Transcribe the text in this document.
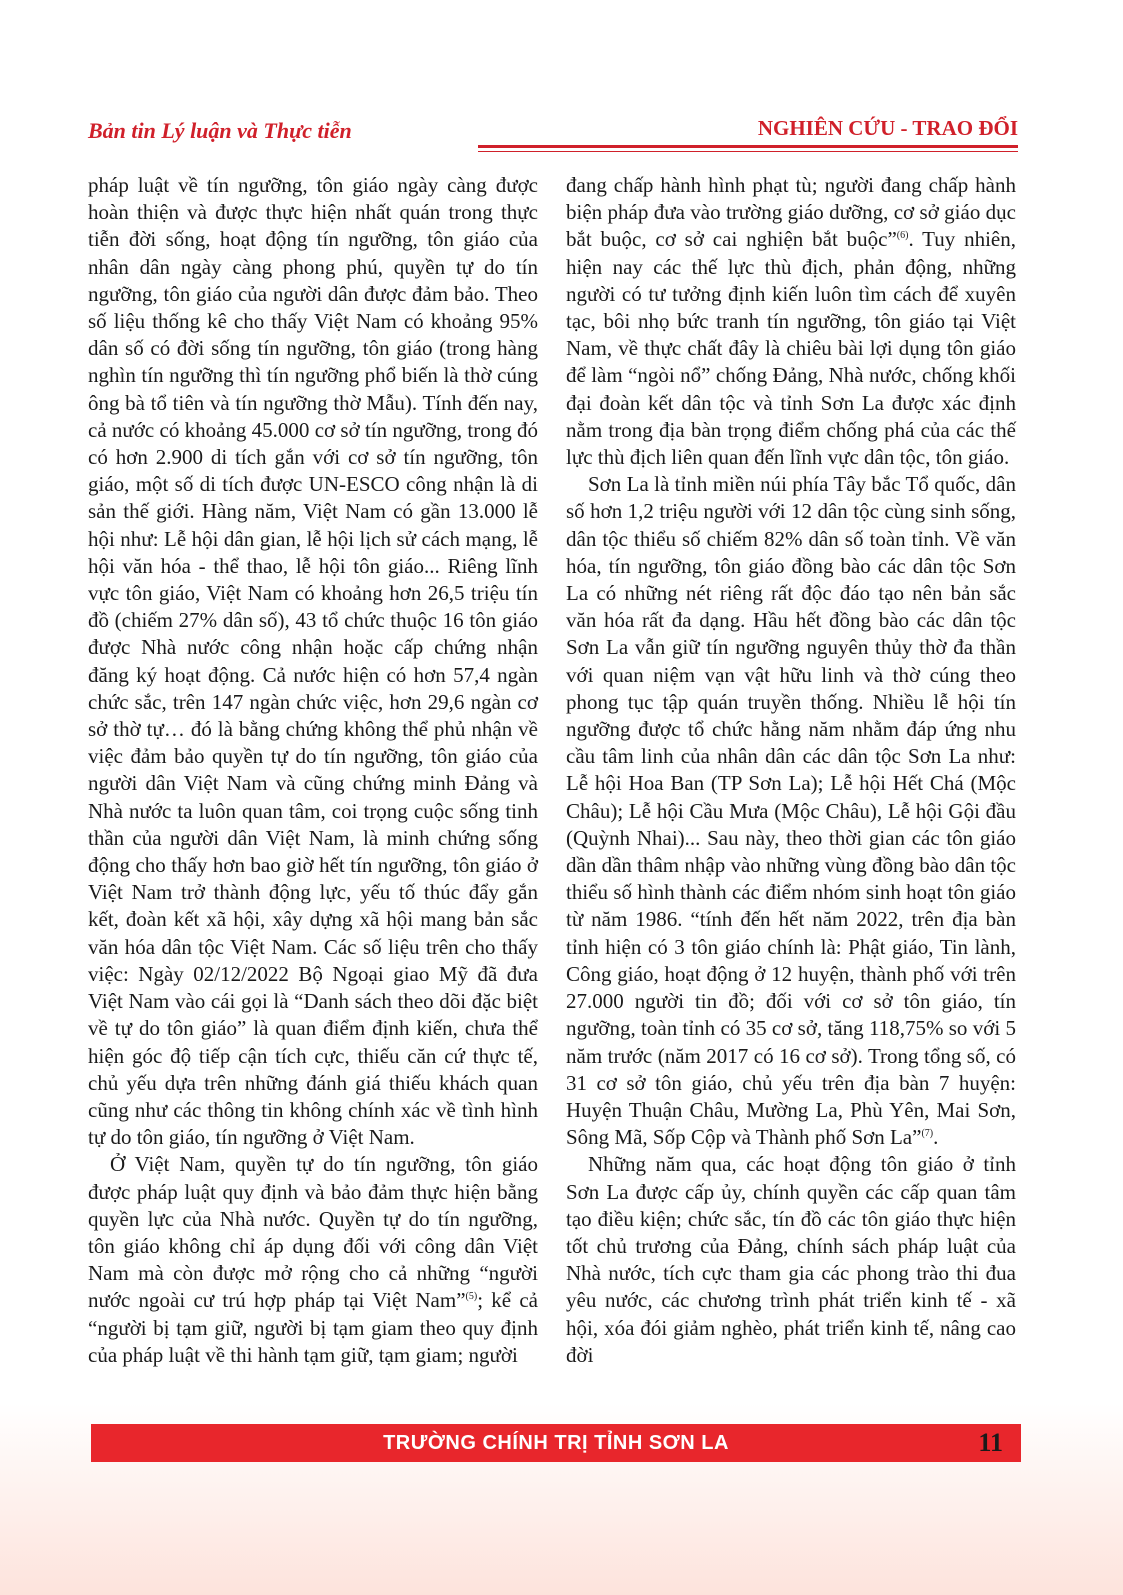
Bản tin Lý luận và Thực tiễn	NGHIÊN CỨU - TRAO ĐỔI

pháp luật về tín ngưỡng, tôn giáo ngày càng được hoàn thiện và được thực hiện nhất quán trong thực tiễn đời sống, hoạt động tín ngưỡng, tôn giáo của nhân dân ngày càng phong phú, quyền tự do tín ngưỡng, tôn giáo của người dân được đảm bảo. Theo số liệu thống kê cho thấy Việt Nam có khoảng 95% dân số có đời sống tín ngưỡng, tôn giáo (trong hàng nghìn tín ngưỡng thì tín ngưỡng phổ biến là thờ cúng ông bà tổ tiên và tín ngưỡng thờ Mẫu). Tính đến nay, cả nước có khoảng 45.000 cơ sở tín ngưỡng, trong đó có hơn 2.900 di tích gắn với cơ sở tín ngưỡng, tôn giáo, một số di tích được UN-ESCO công nhận là di sản thế giới. Hàng năm, Việt Nam có gần 13.000 lễ hội như: Lễ hội dân gian, lễ hội lịch sử cách mạng, lễ hội văn hóa - thể thao, lễ hội tôn giáo... Riêng lĩnh vực tôn giáo, Việt Nam có khoảng hơn 26,5 triệu tín đồ (chiếm 27% dân số), 43 tổ chức thuộc 16 tôn giáo được Nhà nước công nhận hoặc cấp chứng nhận đăng ký hoạt động. Cả nước hiện có hơn 57,4 ngàn chức sắc, trên 147 ngàn chức việc, hơn 29,6 ngàn cơ sở thờ tự… đó là bằng chứng không thể phủ nhận về việc đảm bảo quyền tự do tín ngưỡng, tôn giáo của người dân Việt Nam và cũng chứng minh Đảng và Nhà nước ta luôn quan tâm, coi trọng cuộc sống tinh thần của người dân Việt Nam, là minh chứng sống động cho thấy hơn bao giờ hết tín ngưỡng, tôn giáo ở Việt Nam trở thành động lực, yếu tố thúc đẩy gắn kết, đoàn kết xã hội, xây dựng xã hội mang bản sắc văn hóa dân tộc Việt Nam. Các số liệu trên cho thấy việc: Ngày 02/12/2022 Bộ Ngoại giao Mỹ đã đưa Việt Nam vào cái gọi là “Danh sách theo dõi đặc biệt về tự do tôn giáo” là quan điểm định kiến, chưa thể hiện góc độ tiếp cận tích cực, thiếu căn cứ thực tế, chủ yếu dựa trên những đánh giá thiếu khách quan cũng như các thông tin không chính xác về tình hình tự do tôn giáo, tín ngưỡng ở Việt Nam.

Ở Việt Nam, quyền tự do tín ngưỡng, tôn giáo được pháp luật quy định và bảo đảm thực hiện bằng quyền lực của Nhà nước. Quyền tự do tín ngưỡng, tôn giáo không chỉ áp dụng đối với công dân Việt Nam mà còn được mở rộng cho cả những “người nước ngoài cư trú hợp pháp tại Việt Nam”$^{(5)}$; kể cả “người bị tạm giữ, người bị tạm giam theo quy định của pháp luật về thi hành tạm giữ, tạm giam; người

đang chấp hành hình phạt tù; người đang chấp hành biện pháp đưa vào trường giáo dưỡng, cơ sở giáo dục bắt buộc, cơ sở cai nghiện bắt buộc”$^{(6)}$. Tuy nhiên, hiện nay các thế lực thù địch, phản động, những người có tư tưởng định kiến luôn tìm cách để xuyên tạc, bôi nhọ bức tranh tín ngưỡng, tôn giáo tại Việt Nam, về thực chất đây là chiêu bài lợi dụng tôn giáo để làm “ngòi nổ” chống Đảng, Nhà nước, chống khối đại đoàn kết dân tộc và tỉnh Sơn La được xác định nằm trong địa bàn trọng điểm chống phá của các thế lực thù địch liên quan đến lĩnh vực dân tộc, tôn giáo.

Sơn La là tỉnh miền núi phía Tây bắc Tổ quốc, dân số hơn 1,2 triệu người với 12 dân tộc cùng sinh sống, dân tộc thiểu số chiếm 82% dân số toàn tỉnh. Về văn hóa, tín ngưỡng, tôn giáo đồng bào các dân tộc Sơn La có những nét riêng rất độc đáo tạo nên bản sắc văn hóa rất đa dạng. Hầu hết đồng bào các dân tộc Sơn La vẫn giữ tín ngưỡng nguyên thủy thờ đa thần với quan niệm vạn vật hữu linh và thờ cúng theo phong tục tập quán truyền thống. Nhiều lễ hội tín ngưỡng được tổ chức hằng năm nhằm đáp ứng nhu cầu tâm linh của nhân dân các dân tộc Sơn La như: Lễ hội Hoa Ban (TP Sơn La); Lễ hội Hết Chá (Mộc Châu); Lễ hội Cầu Mưa (Mộc Châu), Lễ hội Gội đầu (Quỳnh Nhai)... Sau này, theo thời gian các tôn giáo dần dần thâm nhập vào những vùng đồng bào dân tộc thiểu số hình thành các điểm nhóm sinh hoạt tôn giáo từ năm 1986. “tính đến hết năm 2022, trên địa bàn tỉnh hiện có 3 tôn giáo chính là: Phật giáo, Tin lành, Công giáo, hoạt động ở 12 huyện, thành phố với trên 27.000 người tin đồ; đối với cơ sở tôn giáo, tín ngưỡng, toàn tỉnh có 35 cơ sở, tăng 118,75% so với 5 năm trước (năm 2017 có 16 cơ sở). Trong tổng số, có 31 cơ sở tôn giáo, chủ yếu trên địa bàn 7 huyện: Huyện Thuận Châu, Mường La, Phù Yên, Mai Sơn, Sông Mã, Sốp Cộp và Thành phố Sơn La”$^{(7)}$.

Những năm qua, các hoạt động tôn giáo ở tỉnh Sơn La được cấp ủy, chính quyền các cấp quan tâm tạo điều kiện; chức sắc, tín đồ các tôn giáo thực hiện tốt chủ trương của Đảng, chính sách pháp luật của Nhà nước, tích cực tham gia các phong trào thi đua yêu nước, các chương trình phát triển kinh tế - xã hội, xóa đói giảm nghèo, phát triển kinh tế, nâng cao đời

TRƯỜNG CHÍNH TRỊ TỈNH SƠN LA	11
